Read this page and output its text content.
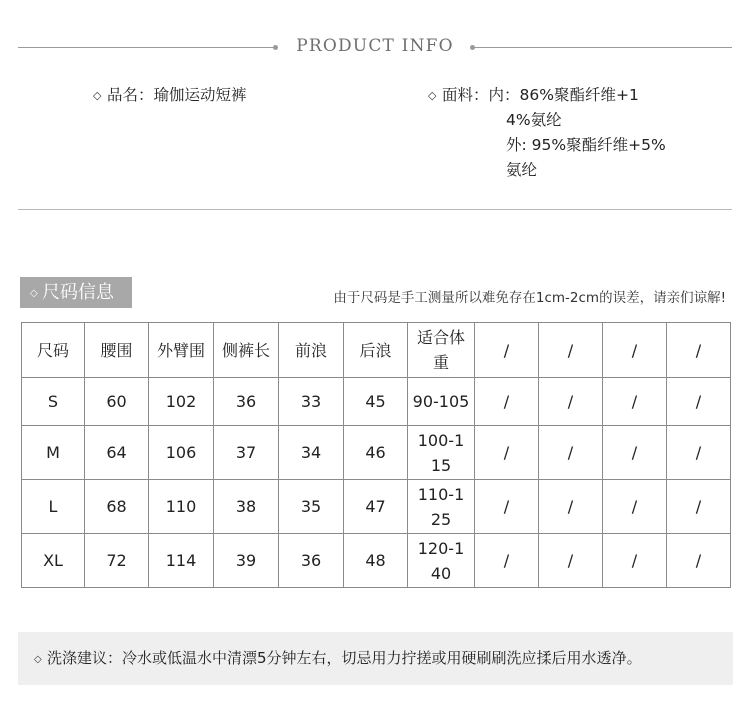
PRODUCT INFO
◇ 品名：瑜伽运动短裤	◇ 面料：内：86%聚酯纤维+1
4%氨纶
外: 95%聚酯纤维+5%
氨纶
◇ 尺码信息	由于尺码是手工测量所以难免存在1cm-2cm的误差，请亲们谅解!
尺码	腰围	外臂围	侧裤长	前浪	后浪	适合体重	/	/	/	/
S	60	102	36	33	45	90-105	/	/	/	/
M	64	106	37	34	46	100-115	/	/	/	/
L	68	110	38	35	47	110-125	/	/	/	/
XL	72	114	39	36	48	120-140	/	/	/	/
◇ 洗涤建议：冷水或低温水中清漂5分钟左右，切忌用力拧搓或用硬刷刷洗应揉后用水透净。
